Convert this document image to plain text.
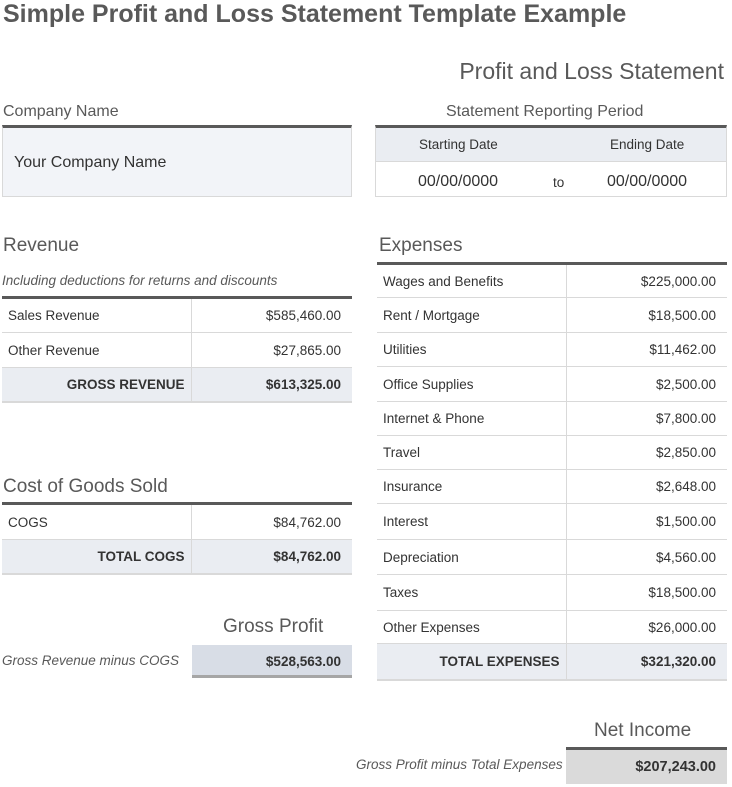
Simple Profit and Loss Statement Template Example
Profit and Loss Statement
Company Name
Your Company Name
Statement Reporting Period
Starting Date	Ending Date
00/00/0000	to	00/00/0000
Revenue
Including deductions for returns and discounts
Sales Revenue	$585,460.00
Other Revenue	$27,865.00
GROSS REVENUE	$613,325.00
Cost of Goods Sold
COGS	$84,762.00
TOTAL COGS	$84,762.00
Gross Profit
Gross Revenue minus COGS	$528,563.00
Expenses
Wages and Benefits	$225,000.00
Rent / Mortgage	$18,500.00
Utilities	$11,462.00
Office Supplies	$2,500.00
Internet & Phone	$7,800.00
Travel	$2,850.00
Insurance	$2,648.00
Interest	$1,500.00
Depreciation	$4,560.00
Taxes	$18,500.00
Other Expenses	$26,000.00
TOTAL EXPENSES	$321,320.00
Net Income
Gross Profit minus Total Expenses	$207,243.00
